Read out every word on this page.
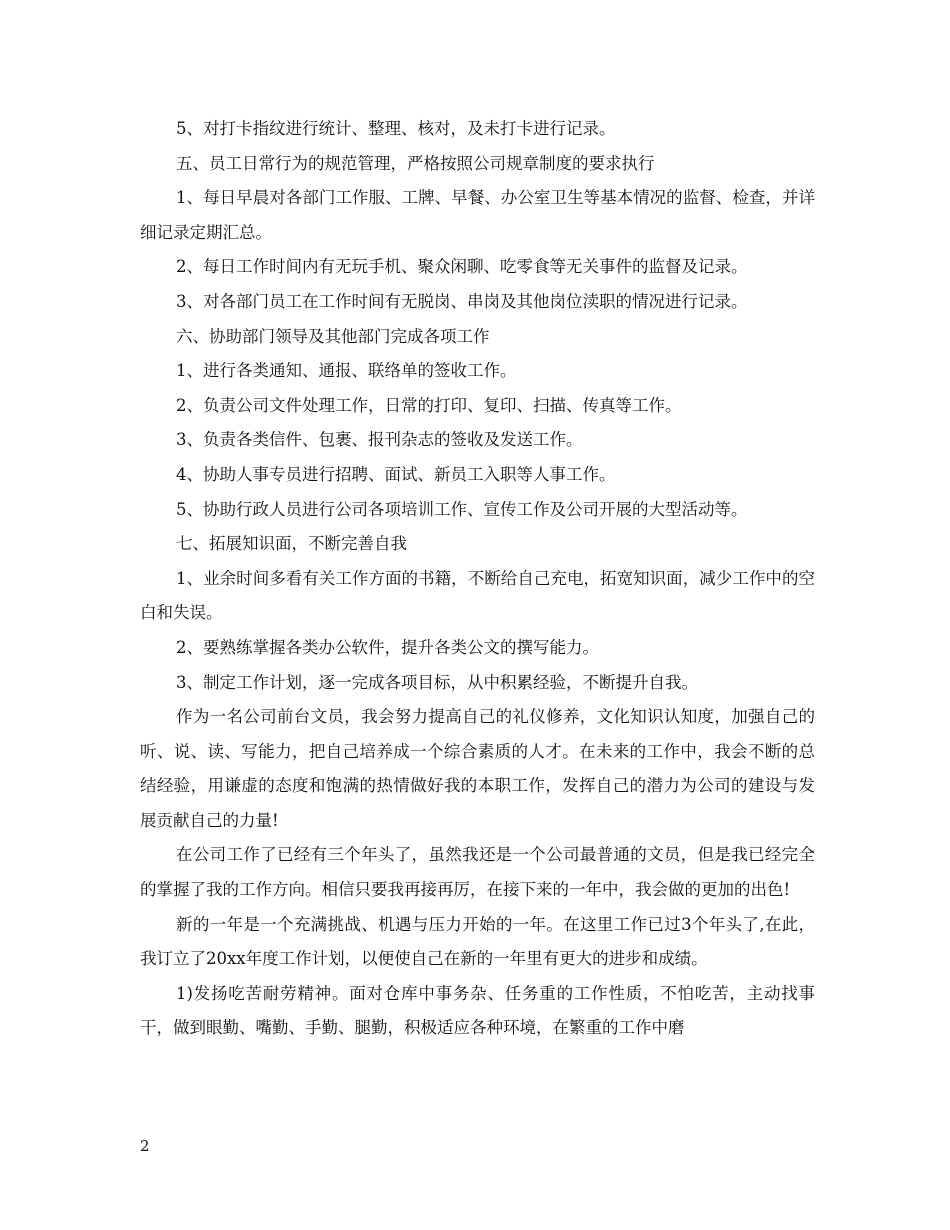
5、对打卡指纹进行统计、整理、核对，及未打卡进行记录。

五、员工日常行为的规范管理，严格按照公司规章制度的要求执行

1、每日早晨对各部门工作服、工牌、早餐、办公室卫生等基本情况的监督、检查，并详细记录定期汇总。

2、每日工作时间内有无玩手机、聚众闲聊、吃零食等无关事件的监督及记录。

3、对各部门员工在工作时间有无脱岗、串岗及其他岗位渎职的情况进行记录。

六、协助部门领导及其他部门完成各项工作

1、进行各类通知、通报、联络单的签收工作。

2、负责公司文件处理工作，日常的打印、复印、扫描、传真等工作。

3、负责各类信件、包裹、报刊杂志的签收及发送工作。

4、协助人事专员进行招聘、面试、新员工入职等人事工作。

5、协助行政人员进行公司各项培训工作、宣传工作及公司开展的大型活动等。

七、拓展知识面，不断完善自我

1、业余时间多看有关工作方面的书籍，不断给自己充电，拓宽知识面，减少工作中的空白和失误。

2、要熟练掌握各类办公软件，提升各类公文的撰写能力。

3、制定工作计划，逐一完成各项目标，从中积累经验，不断提升自我。

作为一名公司前台文员，我会努力提高自己的礼仪修养，文化知识认知度，加强自己的听、说、读、写能力，把自己培养成一个综合素质的人才。在未来的工作中，我会不断的总结经验，用谦虚的态度和饱满的热情做好我的本职工作，发挥自己的潜力为公司的建设与发展贡献自己的力量!

在公司工作了已经有三个年头了，虽然我还是一个公司最普通的文员，但是我已经完全的掌握了我的工作方向。相信只要我再接再厉，在接下来的一年中，我会做的更加的出色!

新的一年是一个充满挑战、机遇与压力开始的一年。在这里工作已过3个年头了,在此，我订立了20xx年度工作计划，以便使自己在新的一年里有更大的进步和成绩。

1)发扬吃苦耐劳精神。面对仓库中事务杂、任务重的工作性质，不怕吃苦，主动找事干，做到眼勤、嘴勤、手勤、腿勤，积极适应各种环境，在繁重的工作中磨

2
